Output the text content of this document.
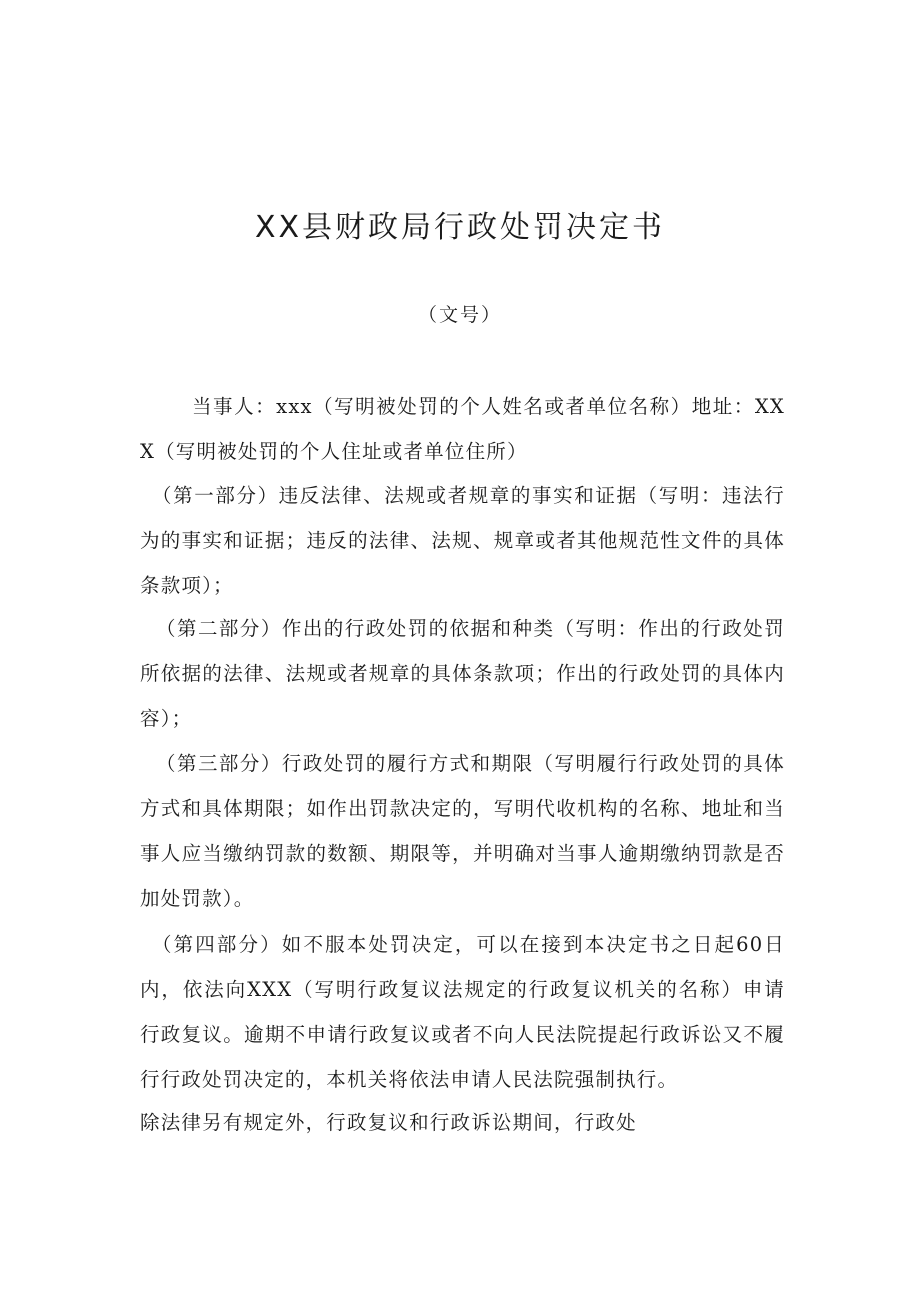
XX县财政局行政处罚决定书

（文号）

当事人：xxx（写明被处罚的个人姓名或者单位名称）地址：XXX（写明被处罚的个人住址或者单位住所）

（第一部分）违反法律、法规或者规章的事实和证据（写明：违法行为的事实和证据；违反的法律、法规、规章或者其他规范性文件的具体条款项）；

（第二部分）作出的行政处罚的依据和种类（写明：作出的行政处罚所依据的法律、法规或者规章的具体条款项；作出的行政处罚的具体内容）；

（第三部分）行政处罚的履行方式和期限（写明履行行政处罚的具体方式和具体期限；如作出罚款决定的，写明代收机构的名称、地址和当事人应当缴纳罚款的数额、期限等，并明确对当事人逾期缴纳罚款是否加处罚款）。

（第四部分）如不服本处罚决定，可以在接到本决定书之日起60日内，依法向XXX（写明行政复议法规定的行政复议机关的名称）申请行政复议。逾期不申请行政复议或者不向人民法院提起行政诉讼又不履行行政处罚决定的，本机关将依法申请人民法院强制执行。

除法律另有规定外，行政复议和行政诉讼期间，行政处
